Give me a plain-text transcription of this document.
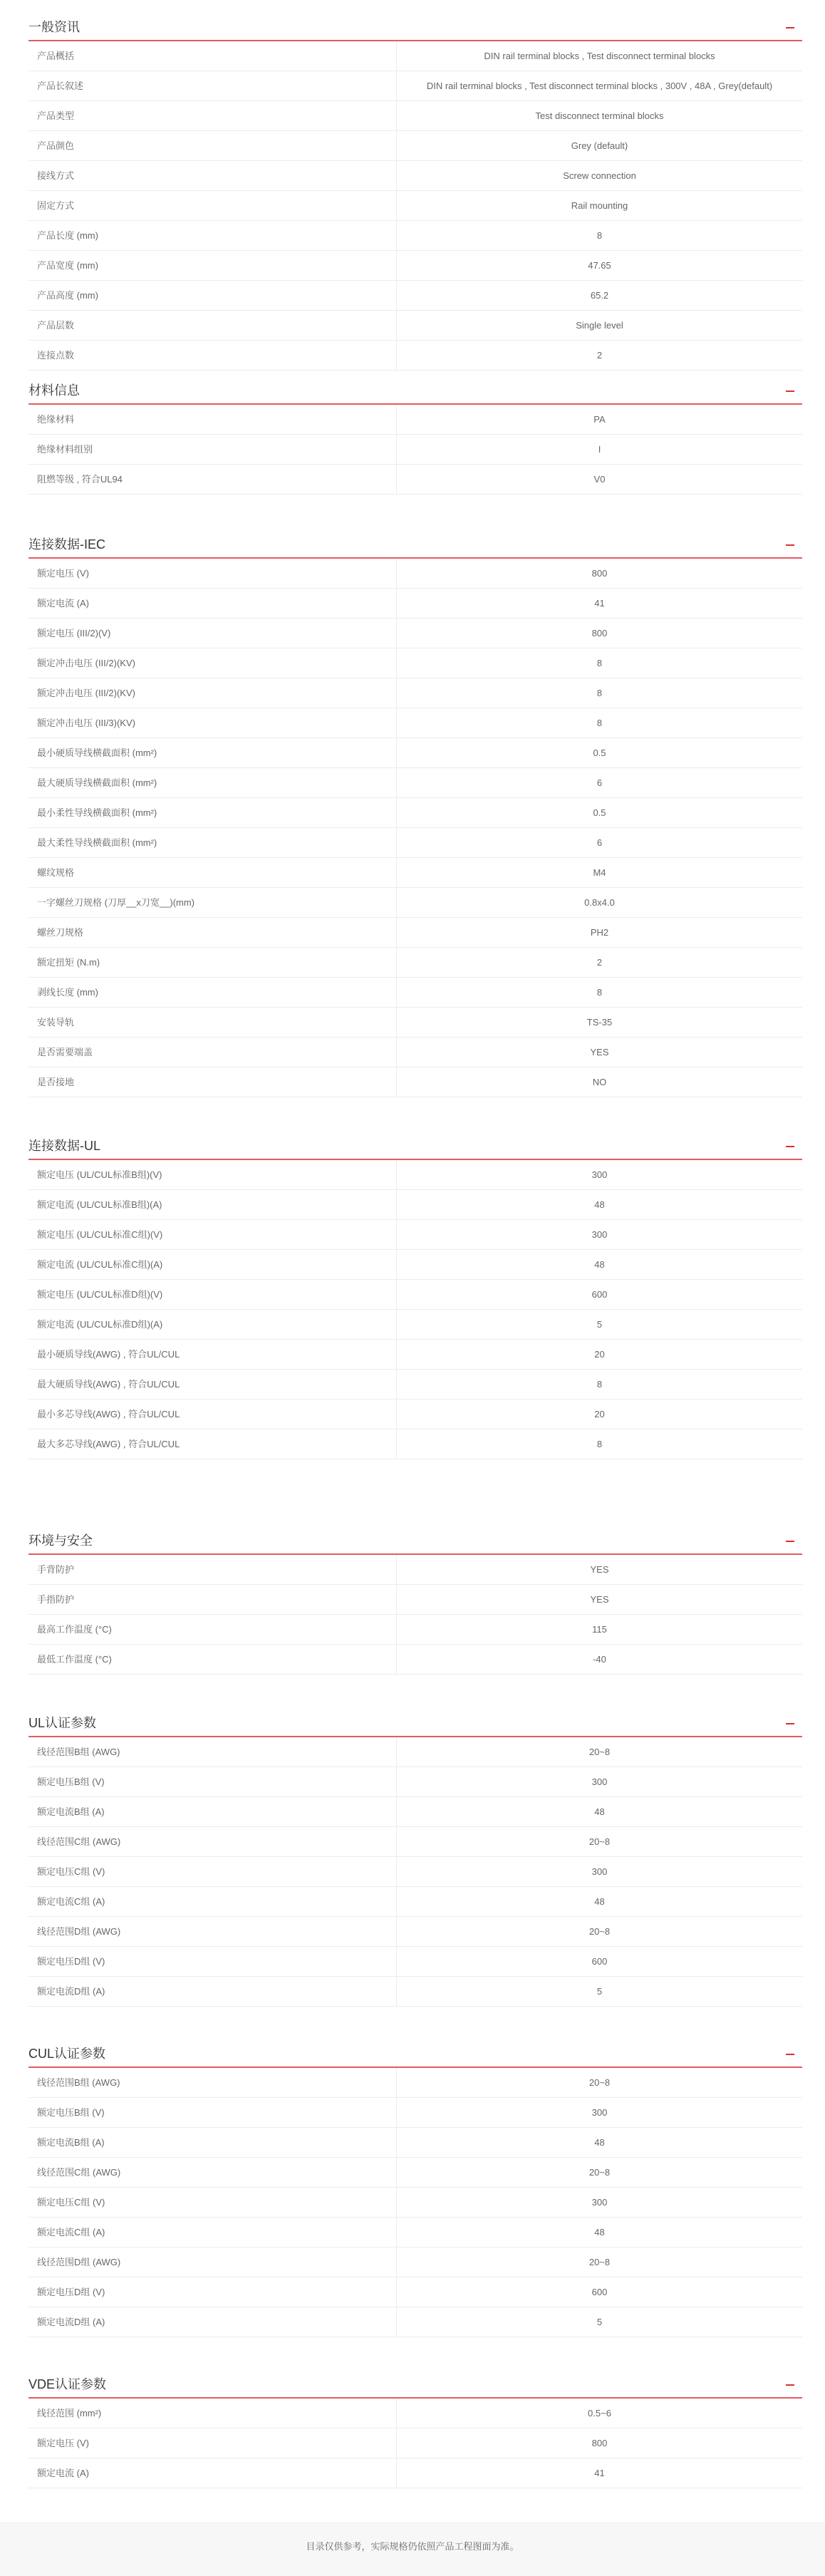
一般资讯
产品概括	DIN rail terminal blocks , Test disconnect terminal blocks
产品长叙述	DIN rail terminal blocks , Test disconnect terminal blocks , 300V , 48A , Grey(default)
产品类型	Test disconnect terminal blocks
产品颜色	Grey (default)
接线方式	Screw connection
固定方式	Rail mounting
产品长度 (mm)	8
产品宽度 (mm)	47.65
产品高度 (mm)	65.2
产品层数	Single level
连接点数	2
材料信息
绝缘材料	PA
绝缘材料组别	I
阻燃等级 , 符合UL94	V0
连接数据-IEC
额定电压 (V)	800
额定电流 (A)	41
额定电压 (III/2)(V)	800
额定冲击电压 (III/2)(KV)	8
额定冲击电压 (III/2)(KV)	8
额定冲击电压 (III/3)(KV)	8
最小硬质导线横截面积 (mm²)	0.5
最大硬质导线横截面积 (mm²)	6
最小柔性导线横截面积 (mm²)	0.5
最大柔性导线横截面积 (mm²)	6
螺纹规格	M4
一字螺丝刀规格 (刀厚__x刀宽__)(mm)	0.8x4.0
螺丝刀规格	PH2
额定扭矩 (N.m)	2
剥线长度 (mm)	8
安装导轨	TS-35
是否需要端盖	YES
是否接地	NO
连接数据-UL
额定电压 (UL/CUL标准B组)(V)	300
额定电流 (UL/CUL标准B组)(A)	48
额定电压 (UL/CUL标准C组)(V)	300
额定电流 (UL/CUL标准C组)(A)	48
额定电压 (UL/CUL标准D组)(V)	600
额定电流 (UL/CUL标准D组)(A)	5
最小硬质导线(AWG) , 符合UL/CUL	20
最大硬质导线(AWG) , 符合UL/CUL	8
最小多芯导线(AWG) , 符合UL/CUL	20
最大多芯导线(AWG) , 符合UL/CUL	8
环境与安全
手背防护	YES
手指防护	YES
最高工作温度 (°C)	115
最低工作温度 (°C)	-40
UL认证参数
线径范围B组 (AWG)	20~8
额定电压B组 (V)	300
额定电流B组 (A)	48
线径范围C组 (AWG)	20~8
额定电压C组 (V)	300
额定电流C组 (A)	48
线径范围D组 (AWG)	20~8
额定电压D组 (V)	600
额定电流D组 (A)	5
CUL认证参数
线径范围B组 (AWG)	20~8
额定电压B组 (V)	300
额定电流B组 (A)	48
线径范围C组 (AWG)	20~8
额定电压C组 (V)	300
额定电流C组 (A)	48
线径范围D组 (AWG)	20~8
额定电压D组 (V)	600
额定电流D组 (A)	5
VDE认证参数
线径范围 (mm²)	0.5~6
额定电压 (V)	800
额定电流 (A)	41
目录仅供参考，实际规格仍依照产品工程图面为准。
